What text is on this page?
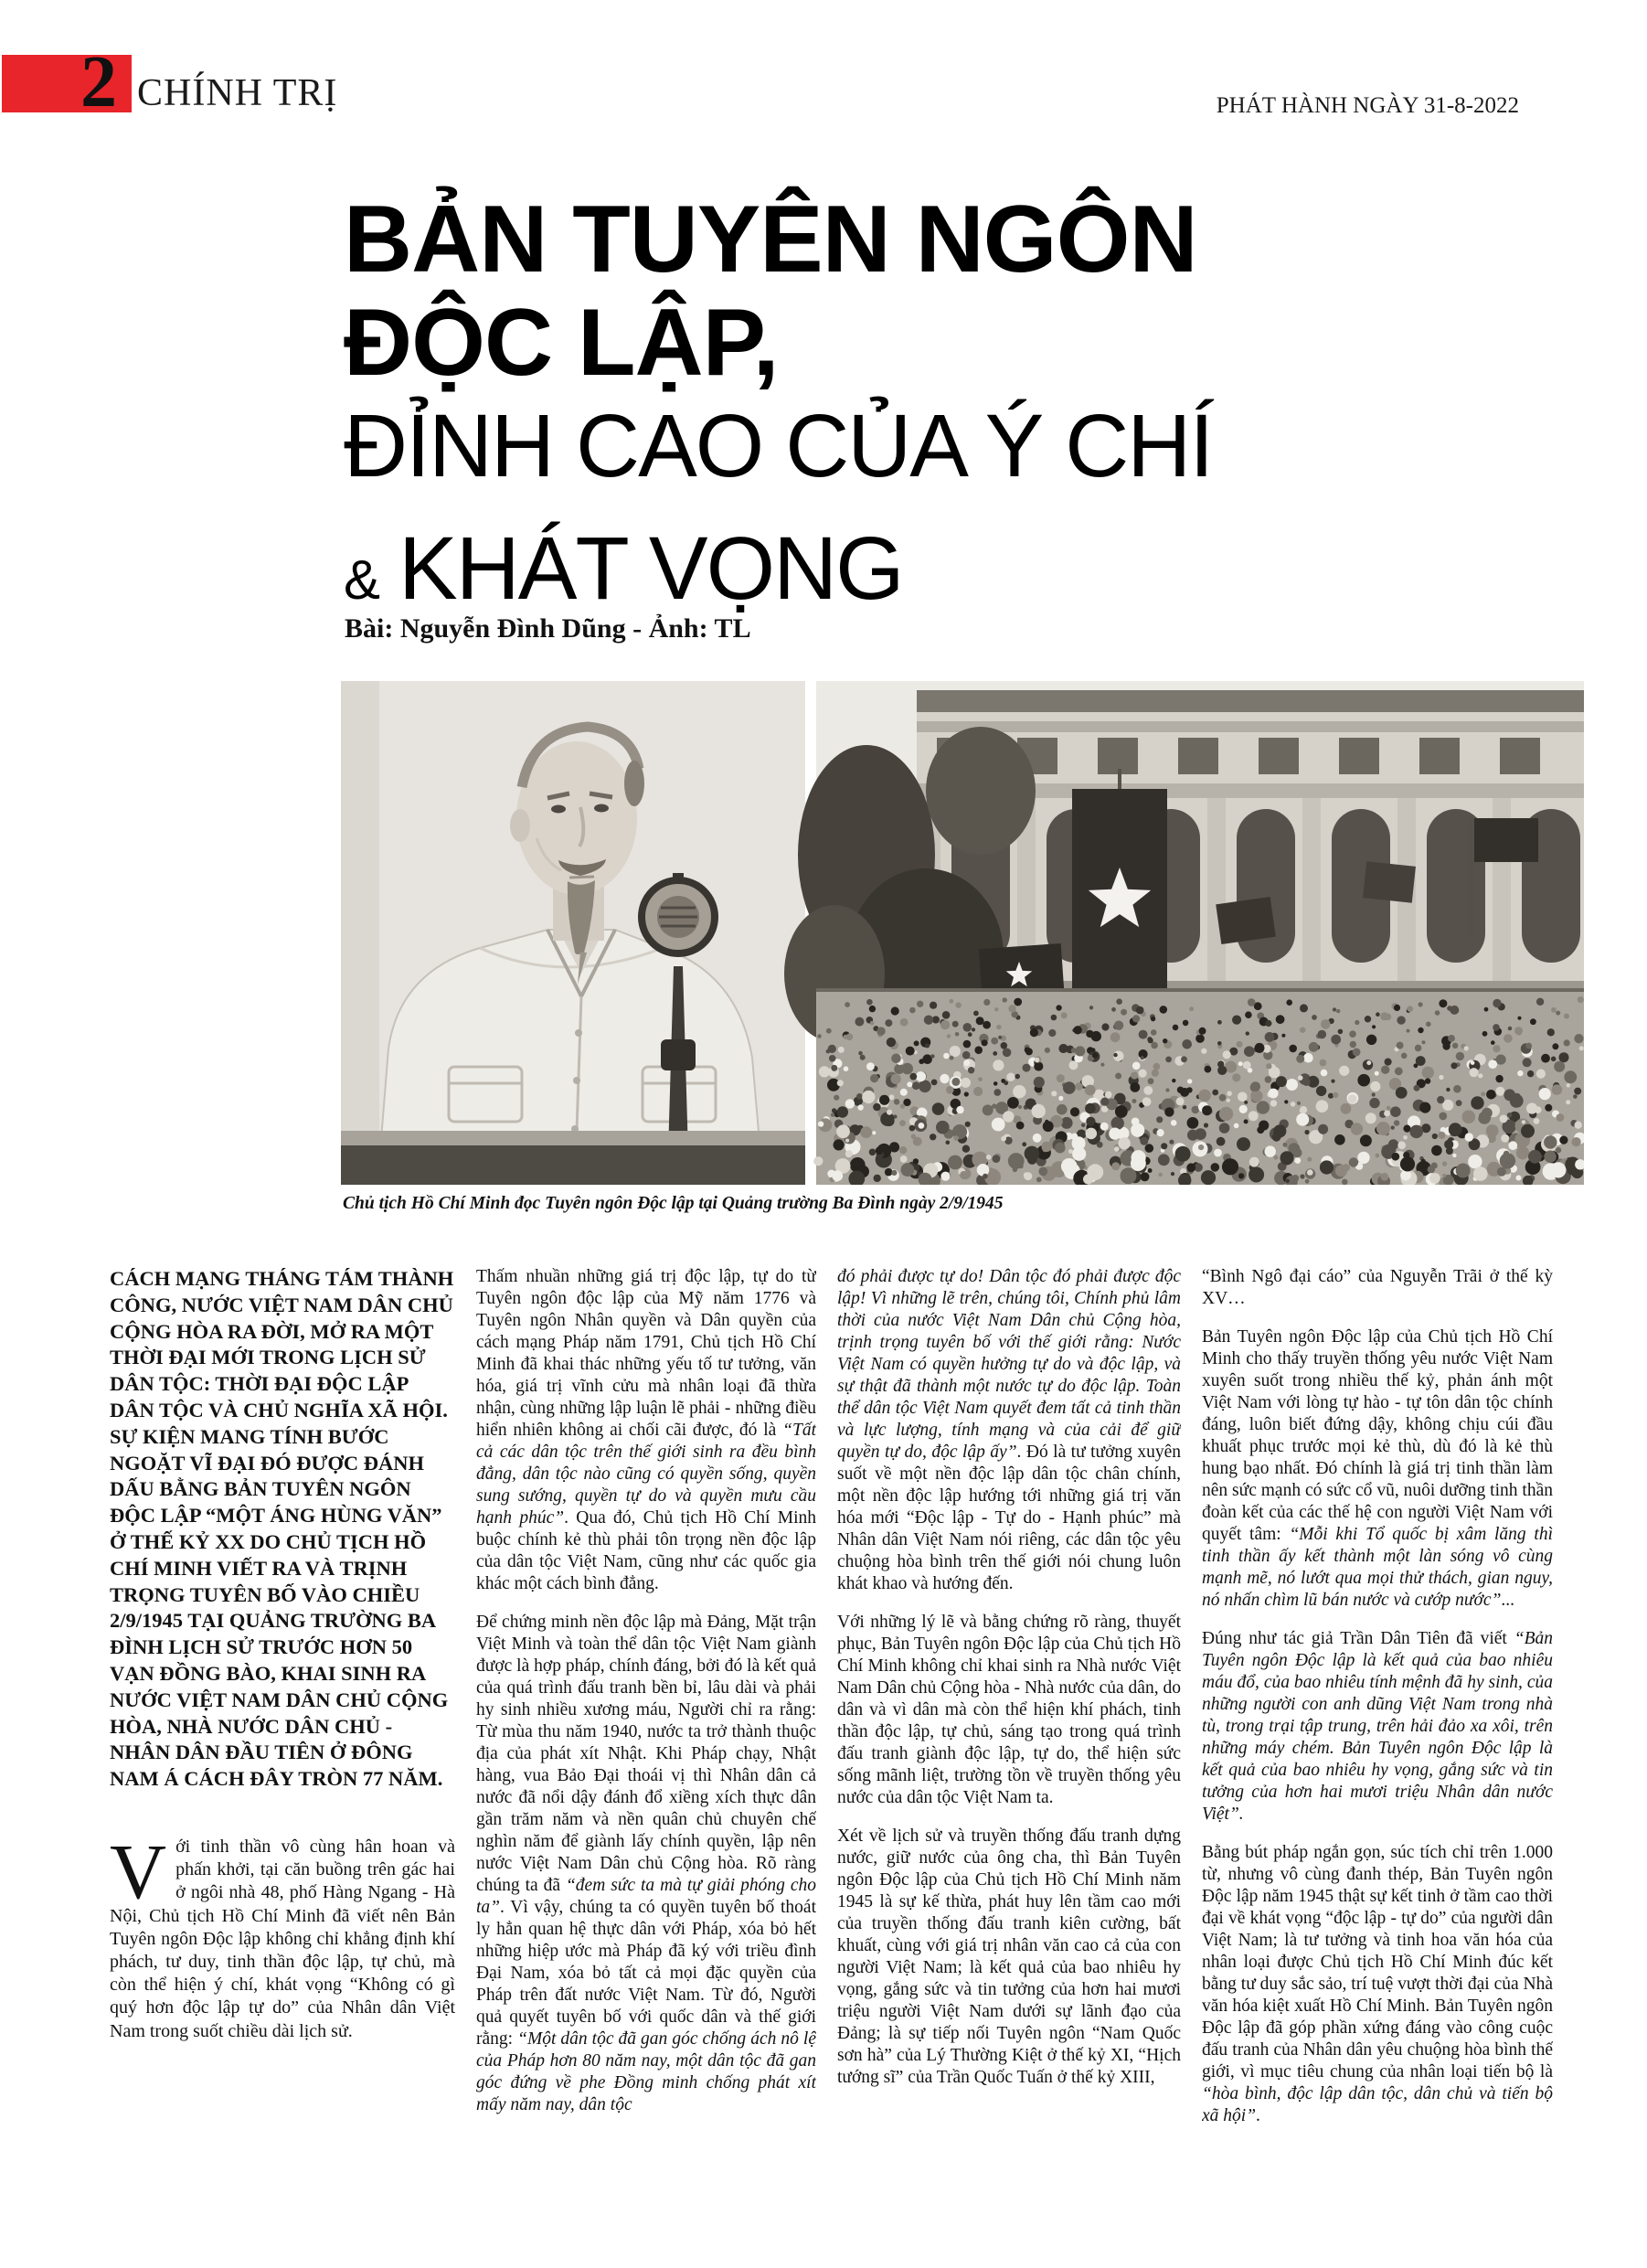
2 CHÍNH TRỊ	PHÁT HÀNH NGÀY 31-8-2022
BẢN TUYÊN NGÔN
ĐỘC LẬP,
ĐỈNH CAO CỦA Ý CHÍ
& KHÁT VỌNG
Bài: Nguyễn Đình Dũng - Ảnh: TL
Chủ tịch Hồ Chí Minh đọc Tuyên ngôn Độc lập tại Quảng trường Ba Đình ngày 2/9/1945

CÁCH MẠNG THÁNG TÁM THÀNH CÔNG, NƯỚC VIỆT NAM DÂN CHỦ CỘNG HÒA RA ĐỜI, MỞ RA MỘT THỜI ĐẠI MỚI TRONG LỊCH SỬ DÂN TỘC: THỜI ĐẠI ĐỘC LẬP DÂN TỘC VÀ CHỦ NGHĨA XÃ HỘI. SỰ KIỆN MANG TÍNH BƯỚC NGOẶT VĨ ĐẠI ĐÓ ĐƯỢC ĐÁNH DẤU BẰNG BẢN TUYÊN NGÔN ĐỘC LẬP “MỘT ÁNG HÙNG VĂN” Ở THẾ KỶ XX DO CHỦ TỊCH HỒ CHÍ MINH VIẾT RA VÀ TRỊNH TRỌNG TUYÊN BỐ VÀO CHIỀU 2/9/1945 TẠI QUẢNG TRƯỜNG BA ĐÌNH LỊCH SỬ TRƯỚC HƠN 50 VẠN ĐỒNG BÀO, KHAI SINH RA NƯỚC VIỆT NAM DÂN CHỦ CỘNG HÒA, NHÀ NƯỚC DÂN CHỦ - NHÂN DÂN ĐẦU TIÊN Ở ĐÔNG NAM Á CÁCH ĐÂY TRÒN 77 NĂM.

Với tinh thần vô cùng hân hoan và phấn khởi, tại căn buồng trên gác hai ở ngôi nhà 48, phố Hàng Ngang - Hà Nội, Chủ tịch Hồ Chí Minh đã viết nên Bản Tuyên ngôn Độc lập không chỉ khẳng định khí phách, tư duy, tinh thần độc lập, tự chủ, mà còn thể hiện ý chí, khát vọng “Không có gì quý hơn độc lập tự do” của Nhân dân Việt Nam trong suốt chiều dài lịch sử.

Thấm nhuần những giá trị độc lập, tự do từ Tuyên ngôn độc lập của Mỹ năm 1776 và Tuyên ngôn Nhân quyền và Dân quyền của cách mạng Pháp năm 1791, Chủ tịch Hồ Chí Minh đã khai thác những yếu tố tư tưởng, văn hóa, giá trị vĩnh cửu mà nhân loại đã thừa nhận, cùng những lập luận lẽ phải - những điều hiển nhiên không ai chối cãi được, đó là “Tất cả các dân tộc trên thế giới sinh ra đều bình đẳng, dân tộc nào cũng có quyền sống, quyền sung sướng, quyền tự do và quyền mưu cầu hạnh phúc”. Qua đó, Chủ tịch Hồ Chí Minh buộc chính kẻ thù phải tôn trọng nền độc lập của dân tộc Việt Nam, cũng như các quốc gia khác một cách bình đẳng.

Để chứng minh nền độc lập mà Đảng, Mặt trận Việt Minh và toàn thể dân tộc Việt Nam giành được là hợp pháp, chính đáng, bởi đó là kết quả của quá trình đấu tranh bền bỉ, lâu dài và phải hy sinh nhiều xương máu, Người chỉ ra rằng: Từ mùa thu năm 1940, nước ta trở thành thuộc địa của phát xít Nhật. Khi Pháp chạy, Nhật hàng, vua Bảo Đại thoái vị thì Nhân dân cả nước đã nổi dậy đánh đổ xiềng xích thực dân gần trăm năm và nền quân chủ chuyên chế nghìn năm để giành lấy chính quyền, lập nên nước Việt Nam Dân chủ Cộng hòa. Rõ ràng chúng ta đã “đem sức ta mà tự giải phóng cho ta”. Vì vậy, chúng ta có quyền tuyên bố thoát ly hẳn quan hệ thực dân với Pháp, xóa bỏ hết những hiệp ước mà Pháp đã ký với triều đình Đại Nam, xóa bỏ tất cả mọi đặc quyền của Pháp trên đất nước Việt Nam. Từ đó, Người quả quyết tuyên bố với quốc dân và thế giới rằng: “Một dân tộc đã gan góc chống ách nô lệ của Pháp hơn 80 năm nay, một dân tộc đã gan góc đứng về phe Đồng minh chống phát xít mấy năm nay, dân tộc

đó phải được tự do! Dân tộc đó phải được độc lập! Vì những lẽ trên, chúng tôi, Chính phủ lâm thời của nước Việt Nam Dân chủ Cộng hòa, trịnh trọng tuyên bố với thế giới rằng: Nước Việt Nam có quyền hưởng tự do và độc lập, và sự thật đã thành một nước tự do độc lập. Toàn thể dân tộc Việt Nam quyết đem tất cả tinh thần và lực lượng, tính mạng và của cải để giữ quyền tự do, độc lập ấy”. Đó là tư tưởng xuyên suốt về một nền độc lập dân tộc chân chính, một nền độc lập hướng tới những giá trị văn hóa mới “Độc lập - Tự do - Hạnh phúc” mà Nhân dân Việt Nam nói riêng, các dân tộc yêu chuộng hòa bình trên thế giới nói chung luôn khát khao và hướng đến.

Với những lý lẽ và bằng chứng rõ ràng, thuyết phục, Bản Tuyên ngôn Độc lập của Chủ tịch Hồ Chí Minh không chỉ khai sinh ra Nhà nước Việt Nam Dân chủ Cộng hòa - Nhà nước của dân, do dân và vì dân mà còn thể hiện khí phách, tinh thần độc lập, tự chủ, sáng tạo trong quá trình đấu tranh giành độc lập, tự do, thể hiện sức sống mãnh liệt, trường tồn về truyền thống yêu nước của dân tộc Việt Nam ta.

Xét về lịch sử và truyền thống đấu tranh dựng nước, giữ nước của ông cha, thì Bản Tuyên ngôn Độc lập của Chủ tịch Hồ Chí Minh năm 1945 là sự kế thừa, phát huy lên tầm cao mới của truyền thống đấu tranh kiên cường, bất khuất, cùng với giá trị nhân văn cao cả của con người Việt Nam; là kết quả của bao nhiêu hy vọng, gắng sức và tin tưởng của hơn hai mươi triệu người Việt Nam dưới sự lãnh đạo của Đảng; là sự tiếp nối Tuyên ngôn “Nam Quốc sơn hà” của Lý Thường Kiệt ở thế kỷ XI, “Hịch tướng sĩ” của Trần Quốc Tuấn ở thế kỷ XIII,

“Bình Ngô đại cáo” của Nguyễn Trãi ở thế kỳ XV…

Bản Tuyên ngôn Độc lập của Chủ tịch Hồ Chí Minh cho thấy truyền thống yêu nước Việt Nam xuyên suốt trong nhiều thế kỷ, phản ánh một Việt Nam với lòng tự hào - tự tôn dân tộc chính đáng, luôn biết đứng dậy, không chịu cúi đầu khuất phục trước mọi kẻ thù, dù đó là kẻ thù hung bạo nhất. Đó chính là giá trị tinh thần làm nên sức mạnh có sức cổ vũ, nuôi dưỡng tinh thần đoàn kết của các thế hệ con người Việt Nam với quyết tâm: “Mỗi khi Tổ quốc bị xâm lăng thì tinh thần ấy kết thành một làn sóng vô cùng mạnh mẽ, nó lướt qua mọi thử thách, gian nguy, nó nhấn chìm lũ bán nước và cướp nước”...

Đúng như tác giả Trần Dân Tiên đã viết “Bản Tuyên ngôn Độc lập là kết quả của bao nhiêu máu đổ, của bao nhiêu tính mệnh đã hy sinh, của những người con anh dũng Việt Nam trong nhà tù, trong trại tập trung, trên hải đảo xa xôi, trên những máy chém. Bản Tuyên ngôn Độc lập là kết quả của bao nhiêu hy vọng, gắng sức và tin tưởng của hơn hai mươi triệu Nhân dân nước Việt”.

Bằng bút pháp ngắn gọn, súc tích chỉ trên 1.000 từ, nhưng vô cùng đanh thép, Bản Tuyên ngôn Độc lập năm 1945 thật sự kết tinh ở tầm cao thời đại về khát vọng “độc lập - tự do” của người dân Việt Nam; là tư tưởng và tinh hoa văn hóa của nhân loại được Chủ tịch Hồ Chí Minh đúc kết bằng tư duy sắc sảo, trí tuệ vượt thời đại của Nhà văn hóa kiệt xuất Hồ Chí Minh. Bản Tuyên ngôn Độc lập đã góp phần xứng đáng vào công cuộc đấu tranh của Nhân dân yêu chuộng hòa bình thế giới, vì mục tiêu chung của nhân loại tiến bộ là “hòa bình, độc lập dân tộc, dân chủ và tiến bộ xã hội”.
